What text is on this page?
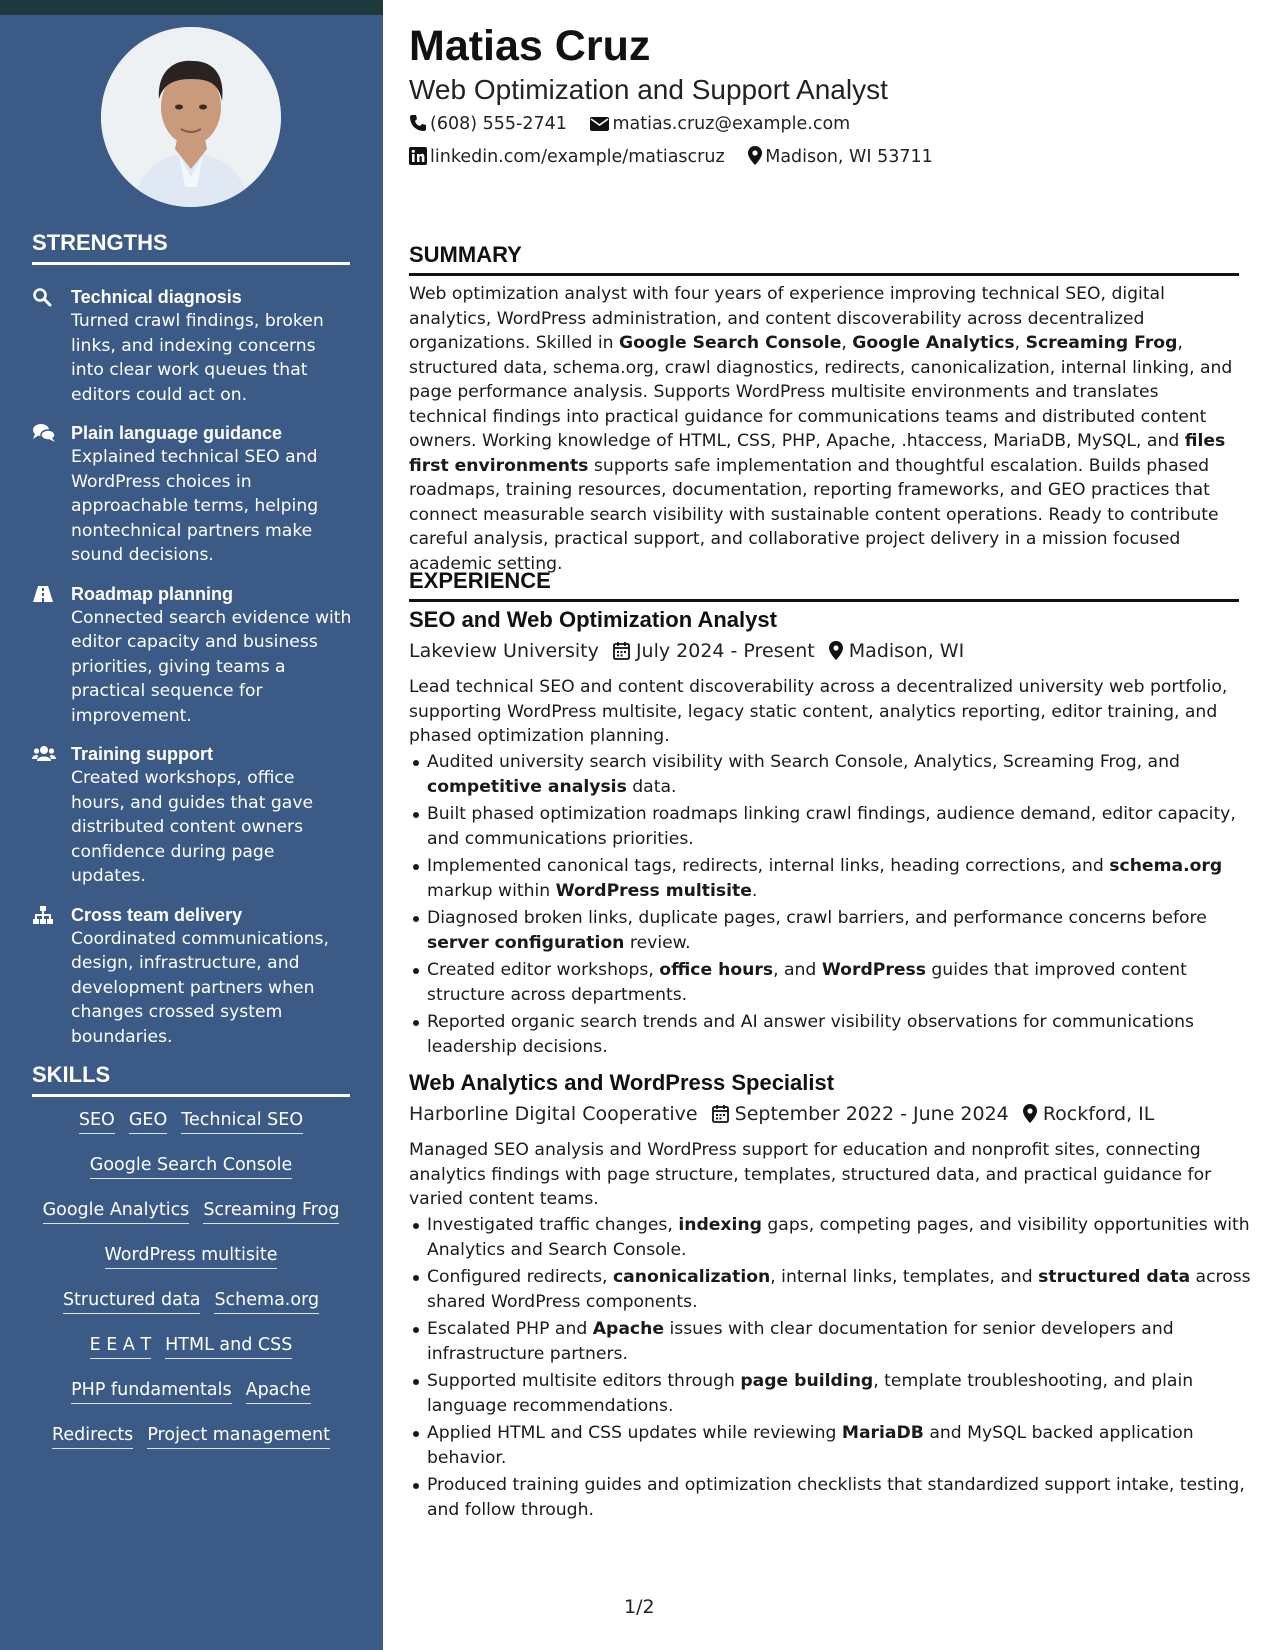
STRENGTHS
Technical diagnosis
Turned crawl findings, broken links, and indexing concerns into clear work queues that editors could act on.
Plain language guidance
Explained technical SEO and WordPress choices in approachable terms, helping nontechnical partners make sound decisions.
Roadmap planning
Connected search evidence with editor capacity and business priorities, giving teams a practical sequence for improvement.
Training support
Created workshops, office hours, and guides that gave distributed content owners confidence during page updates.
Cross team delivery
Coordinated communications, design, infrastructure, and development partners when changes crossed system boundaries.
SKILLS
SEO GEO Technical SEO
Google Search Console
Google Analytics Screaming Frog
WordPress multisite
Structured data Schema.org
E E A T HTML and CSS
PHP fundamentals Apache
Redirects Project management
Matias Cruz
Web Optimization and Support Analyst
(608) 555-2741	matias.cruz@example.com
linkedin.com/example/matiascruz Madison, WI 53711
SUMMARY
Web optimization analyst with four years of experience improving technical SEO, digital analytics, WordPress administration, and content discoverability across decentralized organizations. Skilled in Google Search Console, Google Analytics, Screaming Frog, structured data, schema.org, crawl diagnostics, redirects, canonicalization, internal linking, and page performance analysis. Supports WordPress multisite environments and translates technical findings into practical guidance for communications teams and distributed content owners. Working knowledge of HTML, CSS, PHP, Apache, .htaccess, MariaDB, MySQL, and files first environments supports safe implementation and thoughtful escalation. Builds phased roadmaps, training resources, documentation, reporting frameworks, and GEO practices that connect measurable search visibility with sustainable content operations. Ready to contribute careful analysis, practical support, and collaborative project delivery in a mission focused academic setting.
EXPERIENCE
SEO and Web Optimization Analyst
Lakeview University July 2024 - Present Madison, WI
Lead technical SEO and content discoverability across a decentralized university web portfolio, supporting WordPress multisite, legacy static content, analytics reporting, editor training, and phased optimization planning.
Audited university search visibility with Search Console, Analytics, Screaming Frog, and competitive analysis data.
Built phased optimization roadmaps linking crawl findings, audience demand, editor capacity, and communications priorities.
Implemented canonical tags, redirects, internal links, heading corrections, and schema.org markup within WordPress multisite.
Diagnosed broken links, duplicate pages, crawl barriers, and performance concerns before server configuration review.
Created editor workshops, office hours, and WordPress guides that improved content structure across departments.
Reported organic search trends and AI answer visibility observations for communications leadership decisions.
Web Analytics and WordPress Specialist
Harborline Digital Cooperative September 2022 - June 2024 Rockford, IL
Managed SEO analysis and WordPress support for education and nonprofit sites, connecting analytics findings with page structure, templates, structured data, and practical guidance for varied content teams.
Investigated traffic changes, indexing gaps, competing pages, and visibility opportunities with Analytics and Search Console.
Configured redirects, canonicalization, internal links, templates, and structured data across shared WordPress components.
Escalated PHP and Apache issues with clear documentation for senior developers and infrastructure partners.
Supported multisite editors through page building, template troubleshooting, and plain language recommendations.
Applied HTML and CSS updates while reviewing MariaDB and MySQL backed application behavior.
Produced training guides and optimization checklists that standardized support intake, testing, and follow through.
1/2
